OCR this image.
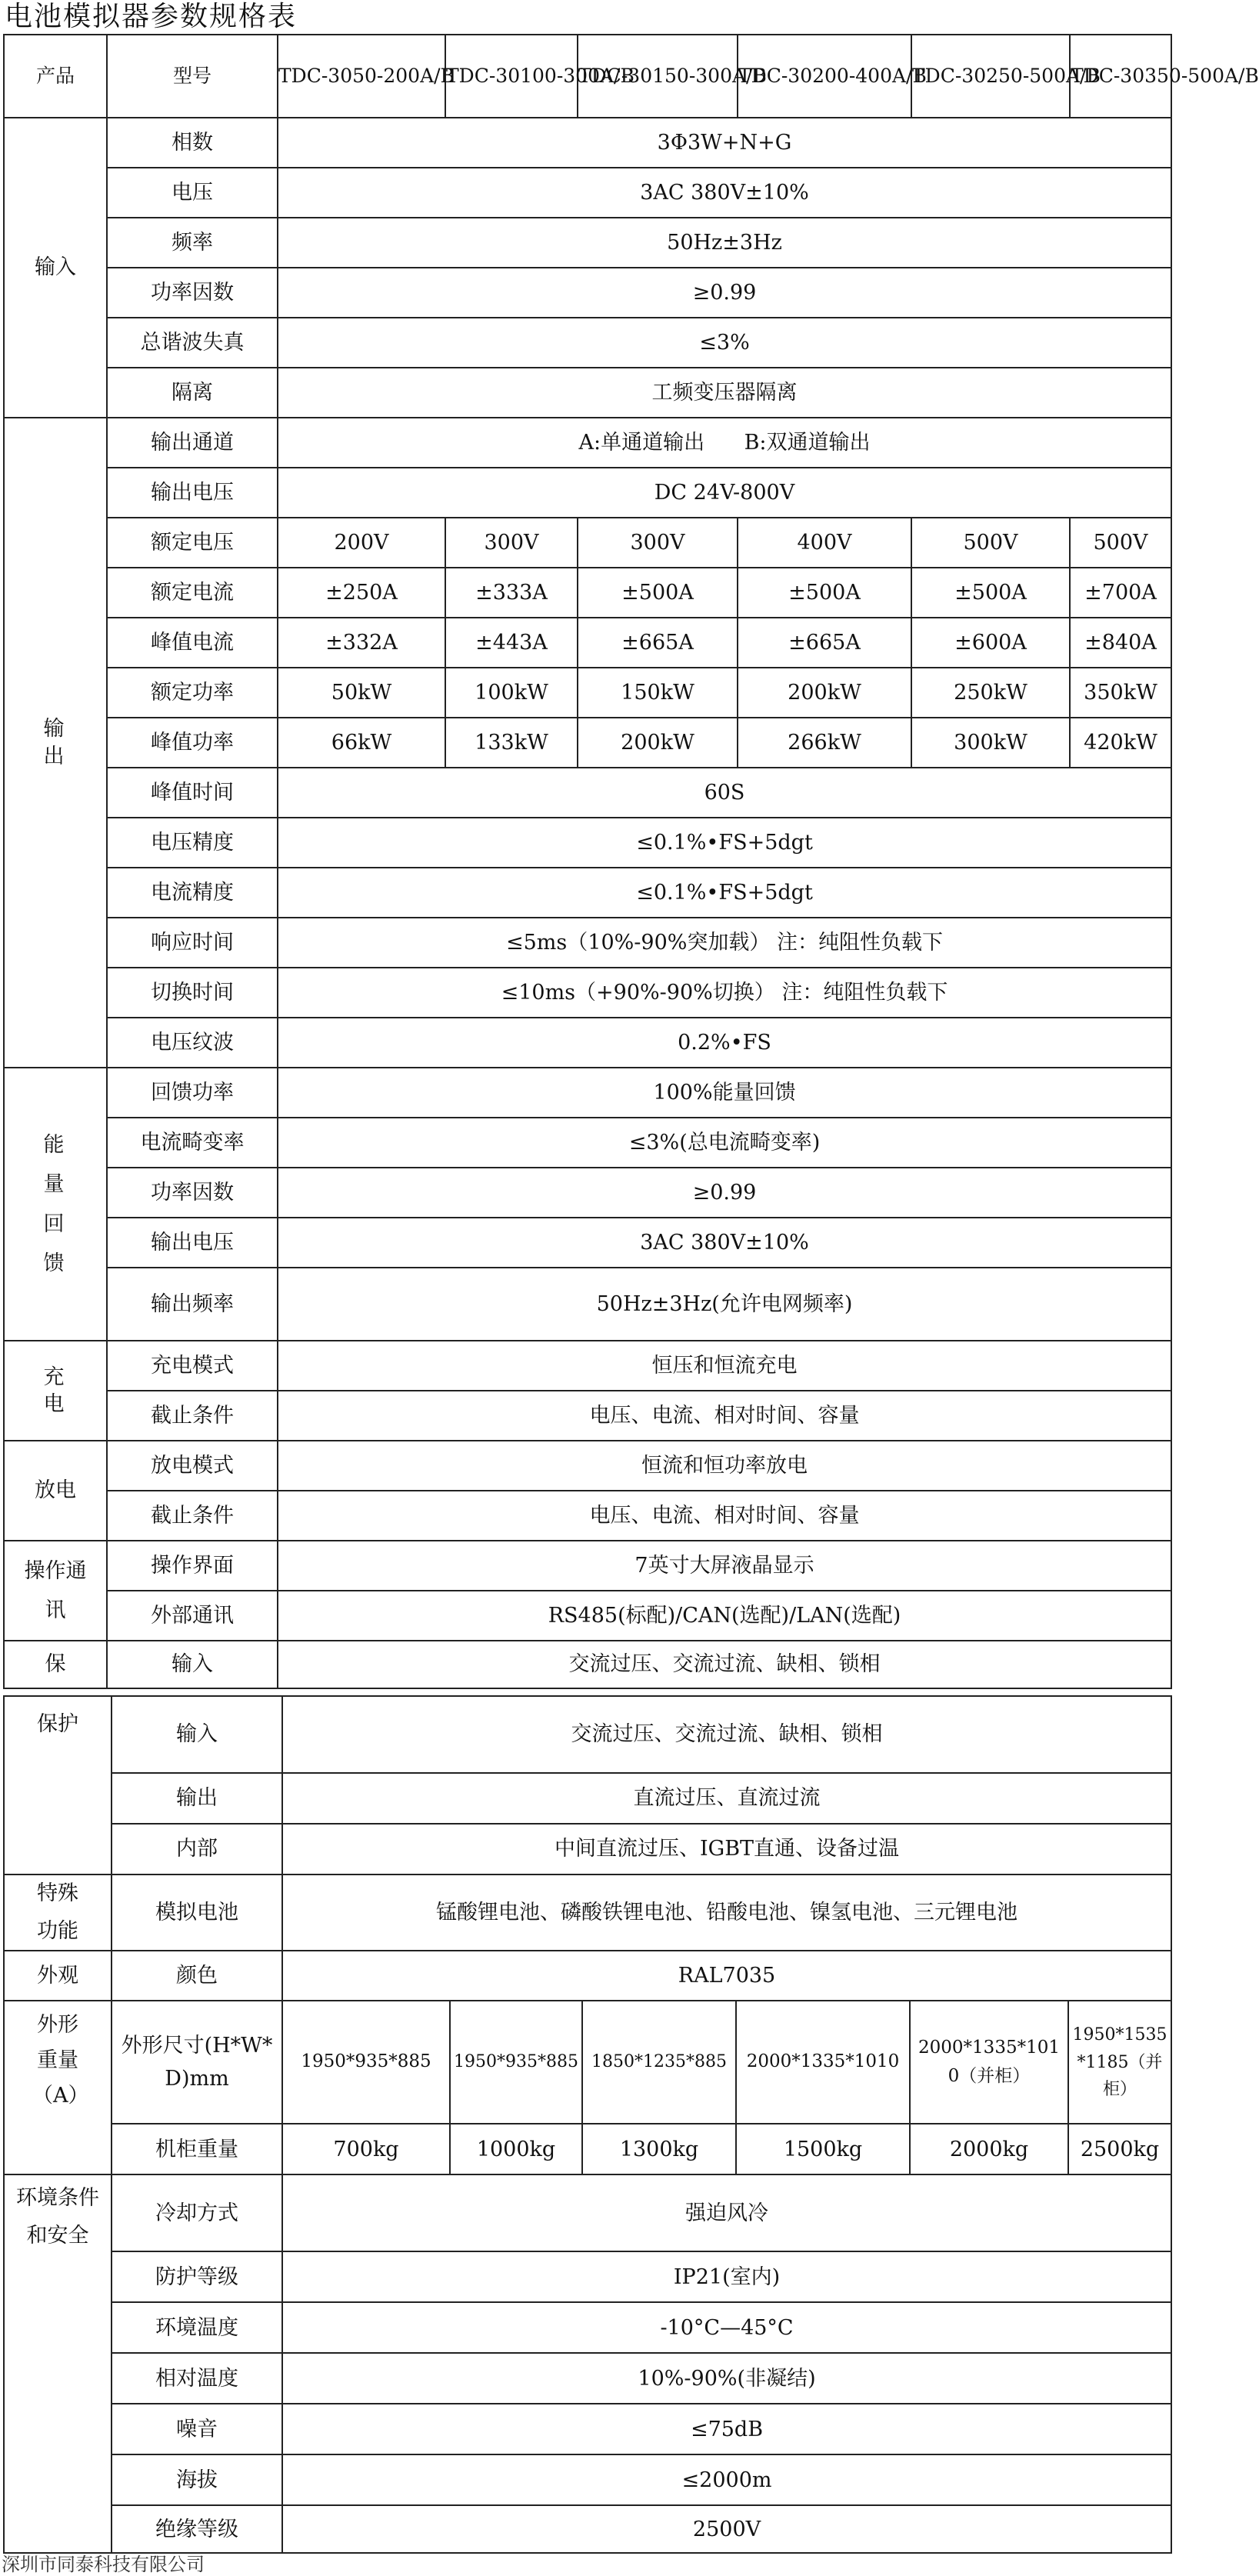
电池模拟器参数规格表
产品	型号	TDC-3050-200A/B	TDC-30100-300A/B	TDC-30150-300A/B	TDC-30200-400A/B	TDC-30250-500A/B	TDC-30350-500A/B
输入	相数	3Φ3W+N+G					
	电压	3AC 380V±10%					
	频率	50Hz±3Hz					
	功率因数	≥0.99					
	总谐波失真	≤3%					
	隔离	工频变压器隔离					
输出	输出通道	A:单通道输出      B:双通道输出					
	输出电压	DC 24V-800V					
	额定电压	200V	300V	300V	400V	500V	500V
	额定电流	±250A	±333A	±500A	±500A	±500A	±700A
	峰值电流	±332A	±443A	±665A	±665A	±600A	±840A
	额定功率	50kW	100kW	150kW	200kW	250kW	350kW
	峰值功率	66kW	133kW	200kW	266kW	300kW	420kW
	峰值时间	60S					
	电压精度	≤0.1%•FS+5dgt					
	电流精度	≤0.1%•FS+5dgt					
	响应时间	≤5ms（10%-90%突加载） 注：纯阻性负载下					
	切换时间	≤10ms（+90%-90%切换） 注：纯阻性负载下					
	电压纹波	0.2%•FS					
能量回馈	回馈功率	100%能量回馈					
	电流畸变率	≤3%(总电流畸变率)					
	功率因数	≥0.99					
	输出电压	3AC 380V±10%					
	输出频率	50Hz±3Hz(允许电网频率)					
充电	充电模式	恒压和恒流充电					
	截止条件	电压、电流、相对时间、容量					
放电	放电模式	恒流和恒功率放电					
	截止条件	电压、电流、相对时间、容量					
操作通讯	操作界面	7英寸大屏液晶显示					
	外部通讯	RS485(标配)/CAN(选配)/LAN(选配)					
保	输入	交流过压、交流过流、缺相、锁相					
保护	输入	交流过压、交流过流、缺相、锁相					
	输出	直流过压、直流过流					
	内部	中间直流过压、IGBT直通、设备过温					
特殊功能	模拟电池	锰酸锂电池、磷酸铁锂电池、铅酸电池、镍氢电池、三元锂电池					
外观	颜色	RAL7035					
外形重量（A）	外形尺寸(H*W*D)mm	1950*935*885	1950*935*885	1850*1235*885	2000*1335*1010	2000*1335*1010（并柜）	1950*1535*1185（并柜）
	机柜重量	700kg	1000kg	1300kg	1500kg	2000kg	2500kg
环境条件和安全	冷却方式	强迫风冷					
	防护等级	IP21(室内)					
	环境温度	-10°C—45°C					
	相对温度	10%-90%(非凝结)					
	噪音	≤75dB					
	海拔	≤2000m					
	绝缘等级	2500V					
深圳市同泰科技有限公司
